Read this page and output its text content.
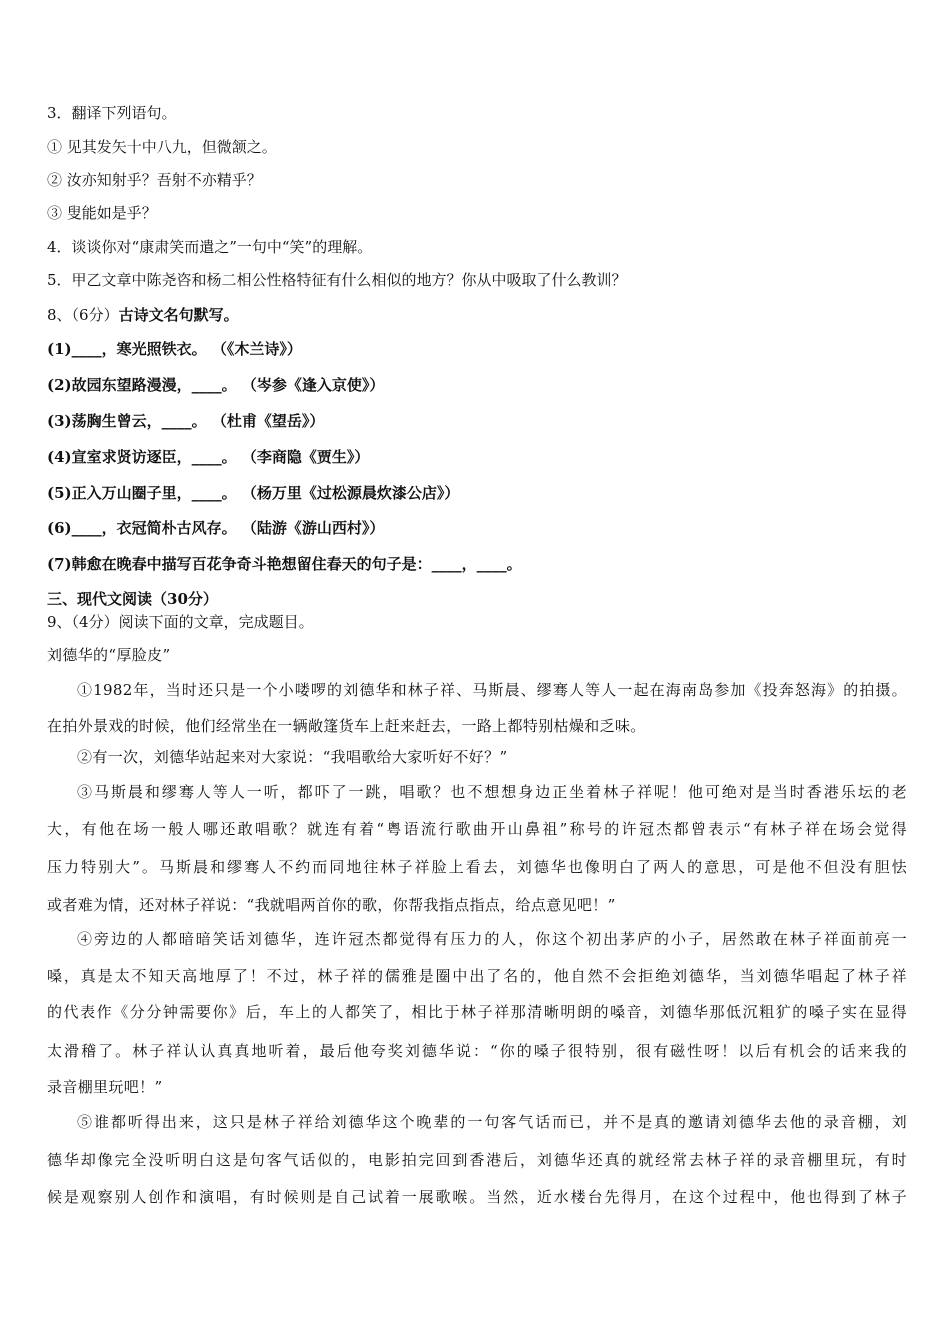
3．翻译下列语句。
① 见其发矢十中八九，但微颔之。
② 汝亦知射乎？吾射不亦精乎？
③ 叟能如是乎？
4．谈谈你对“康肃笑而遣之”一句中“笑”的理解。
5．甲乙文章中陈尧咨和杨二相公性格特征有什么相似的地方？你从中吸取了什么教训？
8、（6分）古诗文名句默写。
(1)____，寒光照铁衣。 （《木兰诗》）
(2)故园东望路漫漫，____。 （岑参《逢入京使》）
(3)荡胸生曾云，____。 （杜甫《望岳》）
(4)宣室求贤访逐臣，____。 （李商隐《贾生》）
(5)正入万山圈子里，____。 （杨万里《过松源晨炊漆公店》）
(6)____，衣冠简朴古风存。 （陆游《游山西村》）
(7)韩愈在晚春中描写百花争奇斗艳想留住春天的句子是：____，____。
三、现代文阅读（30分）
9、（4分）阅读下面的文章，完成题目。
刘德华的“厚脸皮”
①1982年，当时还只是一个小喽啰的刘德华和林子祥、马斯晨、缪骞人等人一起在海南岛参加《投奔怒海》的拍摄。
在拍外景戏的时候，他们经常坐在一辆敞篷货车上赶来赶去，一路上都特别枯燥和乏味。
②有一次，刘德华站起来对大家说：“我唱歌给大家听好不好？”
③马斯晨和缪骞人等人一听，都吓了一跳，唱歌？也不想想身边正坐着林子祥呢！他可绝对是当时香港乐坛的老
大，有他在场一般人哪还敢唱歌？就连有着“粤语流行歌曲开山鼻祖”称号的许冠杰都曾表示“有林子祥在场会觉得
压力特别大”。马斯晨和缪骞人不约而同地往林子祥脸上看去，刘德华也像明白了两人的意思，可是他不但没有胆怯
或者难为情，还对林子祥说：“我就唱两首你的歌，你帮我指点指点，给点意见吧！”
④旁边的人都暗暗笑话刘德华，连许冠杰都觉得有压力的人，你这个初出茅庐的小子，居然敢在林子祥面前亮一
嗓，真是太不知天高地厚了！不过，林子祥的儒雅是圈中出了名的，他自然不会拒绝刘德华，当刘德华唱起了林子祥
的代表作《分分钟需要你》后，车上的人都笑了，相比于林子祥那清晰明朗的嗓音，刘德华那低沉粗犷的嗓子实在显得
太滑稽了。林子祥认认真真地听着，最后他夸奖刘德华说：“你的嗓子很特别，很有磁性呀！以后有机会的话来我的
录音棚里玩吧！”
⑤谁都听得出来，这只是林子祥给刘德华这个晚辈的一句客气话而已，并不是真的邀请刘德华去他的录音棚，刘
德华却像完全没听明白这是句客气话似的，电影拍完回到香港后，刘德华还真的就经常去林子祥的录音棚里玩，有时
候是观察别人创作和演唱，有时候则是自己试着一展歌喉。当然，近水楼台先得月，在这个过程中，他也得到了林子
